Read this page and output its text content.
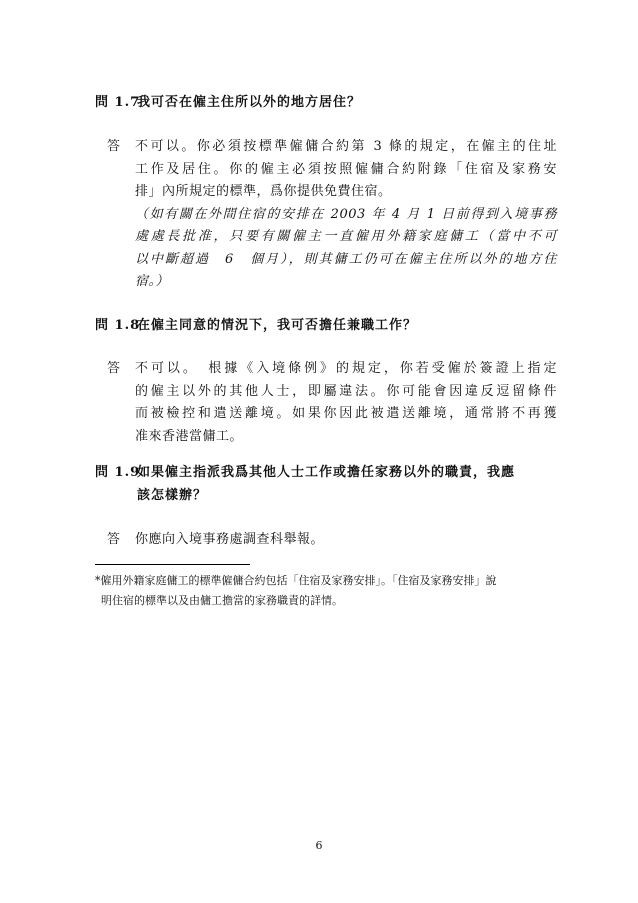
問 1.7我可否在僱主住所以外的地方居住？
答 不可以。你必須按標準僱傭合約第 3 條的規定，在僱主的住址
工作及居住。你的僱主必須按照僱傭合約附錄「住宿及家務安
排」內所規定的標準，爲你提供免費住宿。
（如有關在外間住宿的安排在 2003 年 4 月 1 日前得到入境事務
處處長批准，只要有關僱主一直僱用外籍家庭傭工（當中不可
以中斷超過　6　個月），則其傭工仍可在僱主住所以外的地方住
宿。）
問 1.8在僱主同意的情況下，我可否擔任兼職工作？
答 不可以。　根據《入境條例》的規定，你若受僱於簽證上指定
的僱主以外的其他人士，即屬違法。你可能會因違反逗留條件
而被檢控和遣送離境。如果你因此被遣送離境，通常將不再獲
准來香港當傭工。
問 1.9如果僱主指派我爲其他人士工作或擔任家務以外的職責，我應
該怎樣辦？
答 你應向入境事務處調查科舉報。
*僱用外籍家庭傭工的標準僱傭合約包括「住宿及家務安排」。「住宿及家務安排」說
明住宿的標準以及由傭工擔當的家務職責的詳情。
6
